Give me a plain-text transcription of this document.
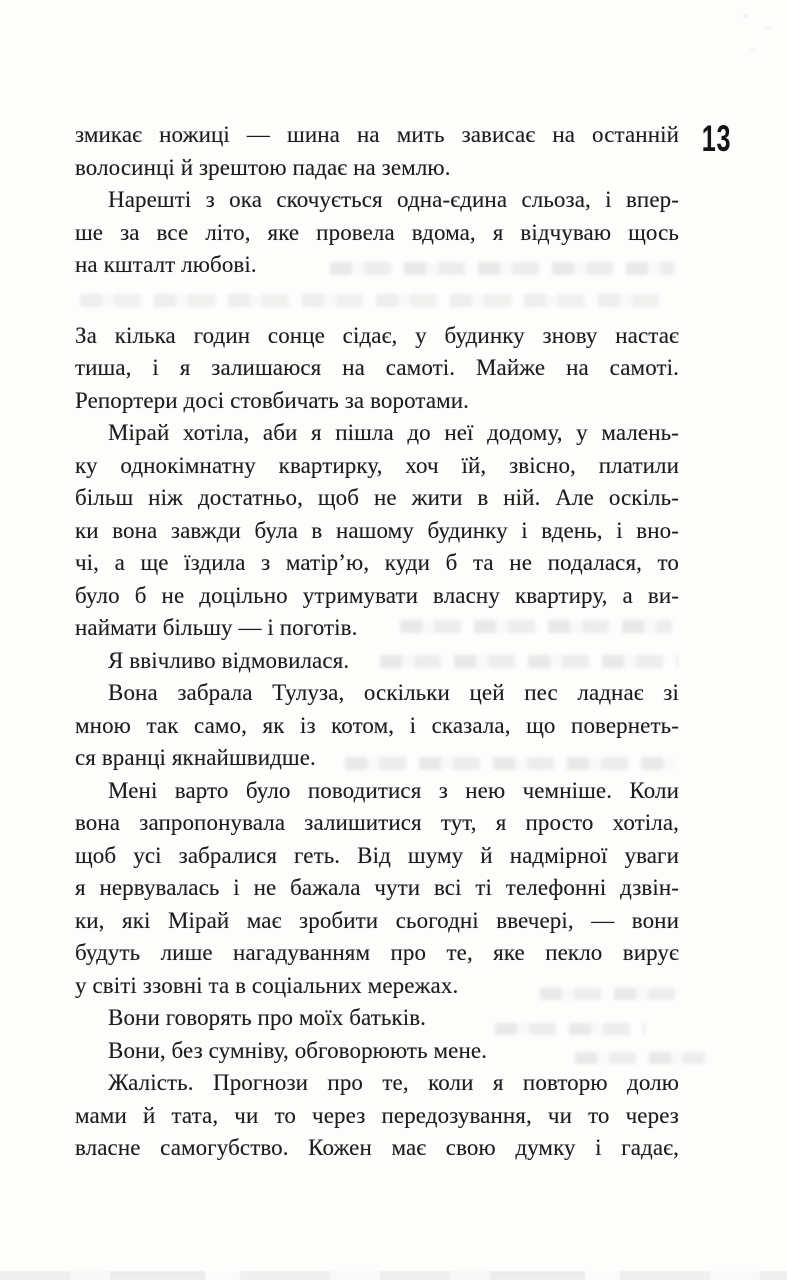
13
змикає ножиці — шина на мить зависає на останній
волосинці й зрештою падає на землю.
Нарешті з ока скочується одна-єдина сльоза, і впер-
ше за все літо, яке провела вдома, я відчуваю щось
на кшталт любові.
За кілька годин сонце сідає, у будинку знову настає
тиша, і я залишаюся на самоті. Майже на самоті.
Репортери досі стовбичать за воротами.
Мірай хотіла, аби я пішла до неї додому, у малень-
ку однокімнатну квартирку, хоч їй, звісно, платили
більш ніж достатньо, щоб не жити в ній. Але оскіль-
ки вона завжди була в нашому будинку і вдень, і вно-
чі, а ще їздила з матір’ю, куди б та не подалася, то
було б не доцільно утримувати власну квартиру, а ви-
наймати більшу — і поготів.
Я ввічливо відмовилася.
Вона забрала Тулуза, оскільки цей пес ладнає зі
мною так само, як із котом, і сказала, що повернеть-
ся вранці якнайшвидше.
Мені варто було поводитися з нею чемніше. Коли
вона запропонувала залишитися тут, я просто хотіла,
щоб усі забралися геть. Від шуму й надмірної уваги
я нервувалась і не бажала чути всі ті телефонні дзвін-
ки, які Мірай має зробити сьогодні ввечері, — вони
будуть лише нагадуванням про те, яке пекло вирує
у світі ззовні та в соціальних мережах.
Вони говорять про моїх батьків.
Вони, без сумніву, обговорюють мене.
Жалість. Прогнози про те, коли я повторю долю
мами й тата, чи то через передозування, чи то через
власне самогубство. Кожен має свою думку і гадає,
